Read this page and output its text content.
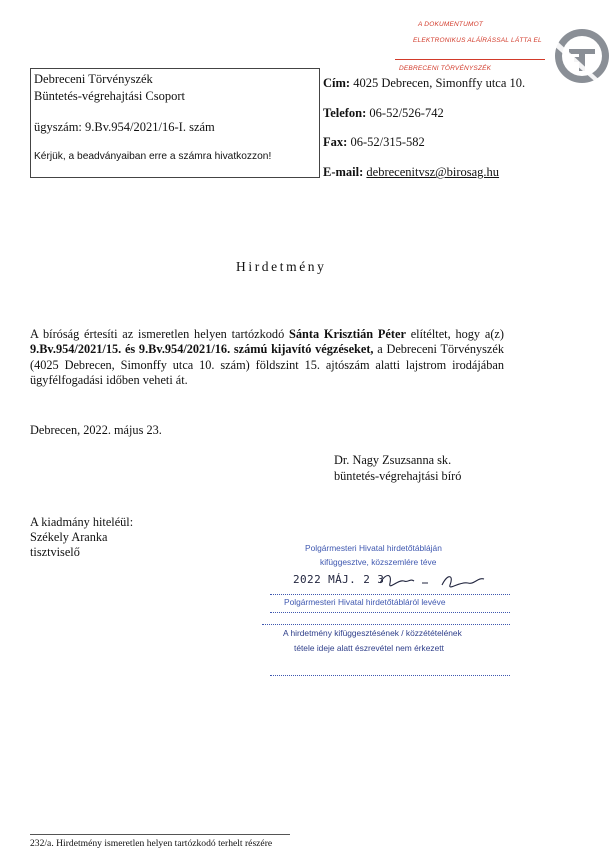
A DOKUMENTUMOT
ELEKTRONIKUS ALÁÍRÁSSAL LÁTTA EL
DEBRECENI TÖRVÉNYSZÉK
Debreceni Törvényszék
Büntetés-végrehajtási Csoport
ügyszám: 9.Bv.954/2021/16-I. szám
Kérjük, a beadványaiban erre a számra hivatkozzon!
Cím: 4025 Debrecen, Simonffy utca 10.
Telefon: 06-52/526-742
Fax: 06-52/315-582
E-mail: debrecenitvsz@birosag.hu
Hirdetmény
A bíróság értesíti az ismeretlen helyen tartózkodó Sánta Krisztián Péter elítéltet, hogy a(z) 9.Bv.954/2021/15. és 9.Bv.954/2021/16. számú kijavító végzéseket, a Debreceni Törvényszék (4025 Debrecen, Simonffy utca 10. szám) földszint 15. ajtószám alatti lajstrom irodájában ügyfélfogadási időben veheti át.
Debrecen, 2022. május 23.
Dr. Nagy Zsuzsanna sk.
büntetés-végrehajtási bíró
A kiadmány hiteléül:
Székely Aranka
tisztviselő	Polgármesteri Hivatal hirdetőtábláján
kifüggesztve, közszemlére téve
2022 MÁJ. 2 3
Polgármesteri Hivatal hirdetőtábláról levéve
A hirdetmény kifüggesztésének / közzétételének
tétele ideje alatt észrevétel nem érkezett
232/a. Hirdetmény ismeretlen helyen tartózkodó terhelt részére
